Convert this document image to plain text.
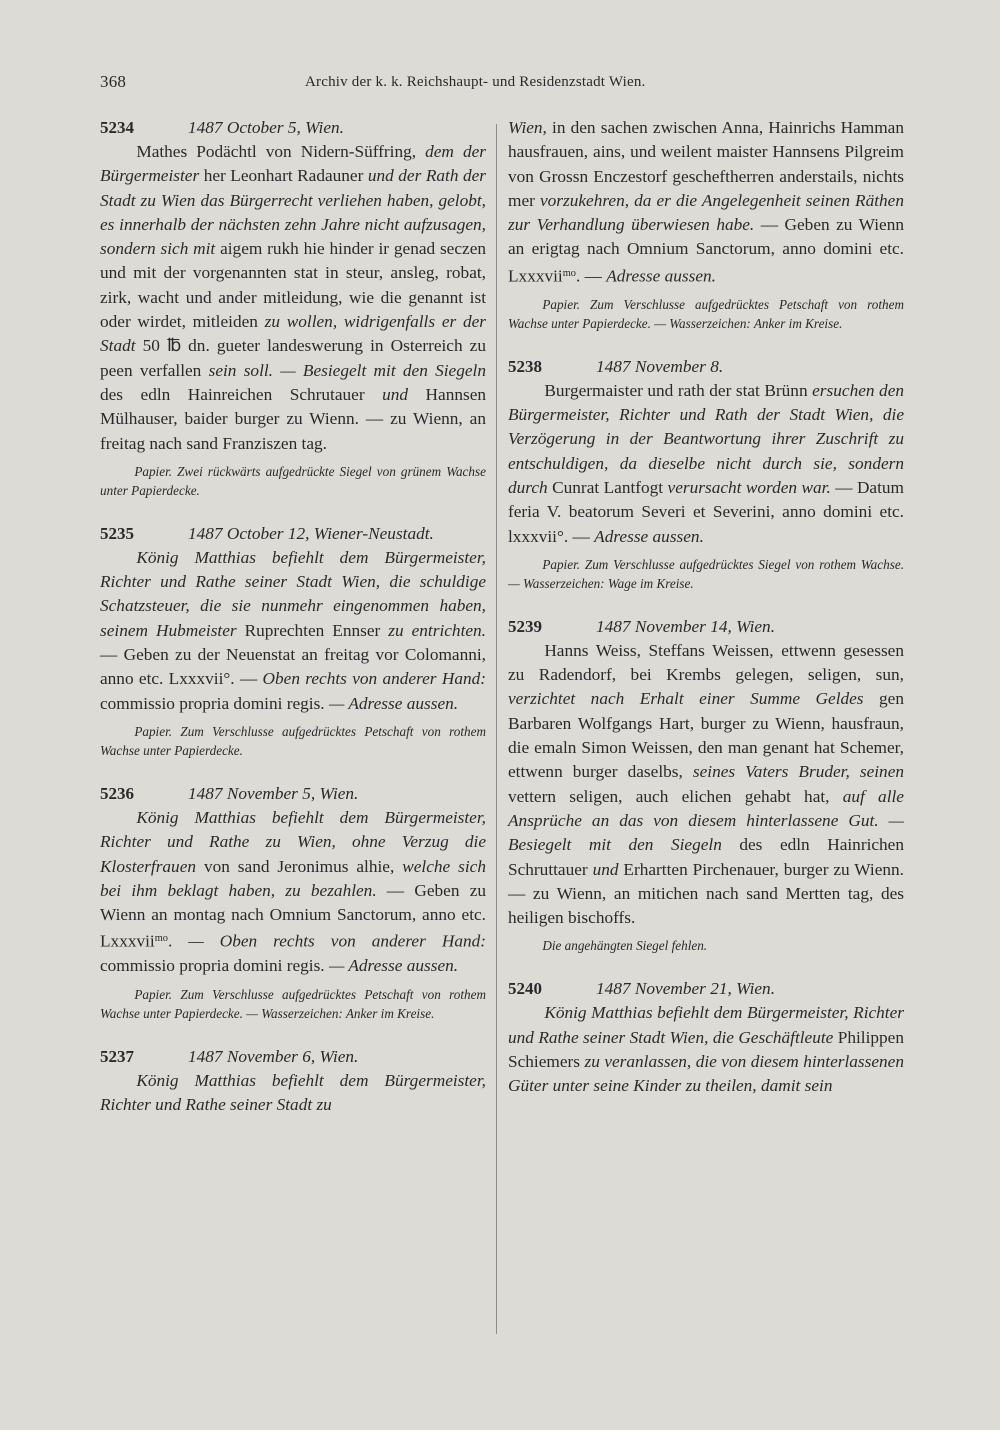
368	Archiv der k. k. Reichshaupt- und Residenzstadt Wien.
5234	1487 October 5, Wien.

Mathes Podächtl von Nidern-Süffring, dem der Bürgermeister her Leonhart Radauner und der Rath der Stadt zu Wien das Bürgerrecht verliehen haben, gelobt, es innerhalb der nächsten zehn Jahre nicht aufzusagen, sondern sich mit aigem rukh hie hinder ir genad seczen und mit der vorgenannten stat in steur, ansleg, robat, zirk, wacht und ander mitleidung, wie die genannt ist oder wirdet, mitleiden zu wollen, widrigenfalls er der Stadt 50 ℔ dn. gueter landeswerung in Osterreich zu peen verfallen sein soll. — Besiegelt mit den Siegeln des edln Hainreichen Schrutauer und Hannsen Mülhauser, baider burger zu Wienn. — zu Wienn, an freitag nach sand Franziszen tag.

Papier. Zwei rückwärts aufgedrückte Siegel von grünem Wachse unter Papierdecke.

5235	1487 October 12, Wiener-Neustadt.

König Matthias befiehlt dem Bürgermeister, Richter und Rathe seiner Stadt Wien, die schuldige Schatzsteuer, die sie nunmehr eingenommen haben, seinem Hubmeister Ruprechten Ennser zu entrichten. — Geben zu der Neuenstat an freitag vor Colomanni, anno etc. Lxxxvii°. — Oben rechts von anderer Hand: commissio propria domini regis. — Adresse aussen.

Papier. Zum Verschlusse aufgedrücktes Petschaft von rothem Wachse unter Papierdecke.

5236	1487 November 5, Wien.

König Matthias befiehlt dem Bürgermeister, Richter und Rathe zu Wien, ohne Verzug die Klosterfrauen von sand Jeronimus alhie, welche sich bei ihm beklagt haben, zu bezahlen. — Geben zu Wienn an montag nach Omnium Sanctorum, anno etc. Lxxxvii$^{mo}$. — Oben rechts von anderer Hand: commissio propria domini regis. — Adresse aussen.

Papier. Zum Verschlusse aufgedrücktes Petschaft von rothem Wachse unter Papierdecke. — Wasserzeichen: Anker im Kreise.

5237	1487 November 6, Wien.

König Matthias befiehlt dem Bürgermeister, Richter und Rathe seiner Stadt zu

Wien, in den sachen zwischen Anna, Hainrichs Hamman hausfrauen, ains, und weilent maister Hannsens Pilgreim von Grossn Enczestorf gescheftherren anderstails, nichts mer vorzukehren, da er die Angelegenheit seinen Räthen zur Verhandlung überwiesen habe. — Geben zu Wienn an erigtag nach Omnium Sanctorum, anno domini etc. Lxxxvii$^{mo}$. — Adresse aussen.

Papier. Zum Verschlusse aufgedrücktes Petschaft von rothem Wachse unter Papierdecke. — Wasserzeichen: Anker im Kreise.

5238	1487 November 8.

Burgermaister und rath der stat Brünn ersuchen den Bürgermeister, Richter und Rath der Stadt Wien, die Verzögerung in der Beantwortung ihrer Zuschrift zu entschuldigen, da dieselbe nicht durch sie, sondern durch Cunrat Lantfogt verursacht worden war. — Datum feria V. beatorum Severi et Severini, anno domini etc. lxxxvii°. — Adresse aussen.

Papier. Zum Verschlusse aufgedrücktes Siegel von rothem Wachse. — Wasserzeichen: Wage im Kreise.

5239	1487 November 14, Wien.

Hanns Weiss, Steffans Weissen, ettwenn gesessen zu Radendorf, bei Krembs gelegen, seligen, sun, verzichtet nach Erhalt einer Summe Geldes gen Barbaren Wolfgangs Hart, burger zu Wienn, hausfraun, die emaln Simon Weissen, den man genant hat Schemer, ettwenn burger daselbs, seines Vaters Bruder, seinen vettern seligen, auch elichen gehabt hat, auf alle Ansprüche an das von diesem hinterlassene Gut. — Besiegelt mit den Siegeln des edln Hainrichen Schruttauer und Erhartten Pirchenauer, burger zu Wienn. — zu Wienn, an mitichen nach sand Mertten tag, des heiligen bischoffs.

Die angehängten Siegel fehlen.

5240	1487 November 21, Wien.

König Matthias befiehlt dem Bürgermeister, Richter und Rathe seiner Stadt Wien, die Geschäftleute Philippen Schiemers zu veranlassen, die von diesem hinterlassenen Güter unter seine Kinder zu theilen, damit sein
